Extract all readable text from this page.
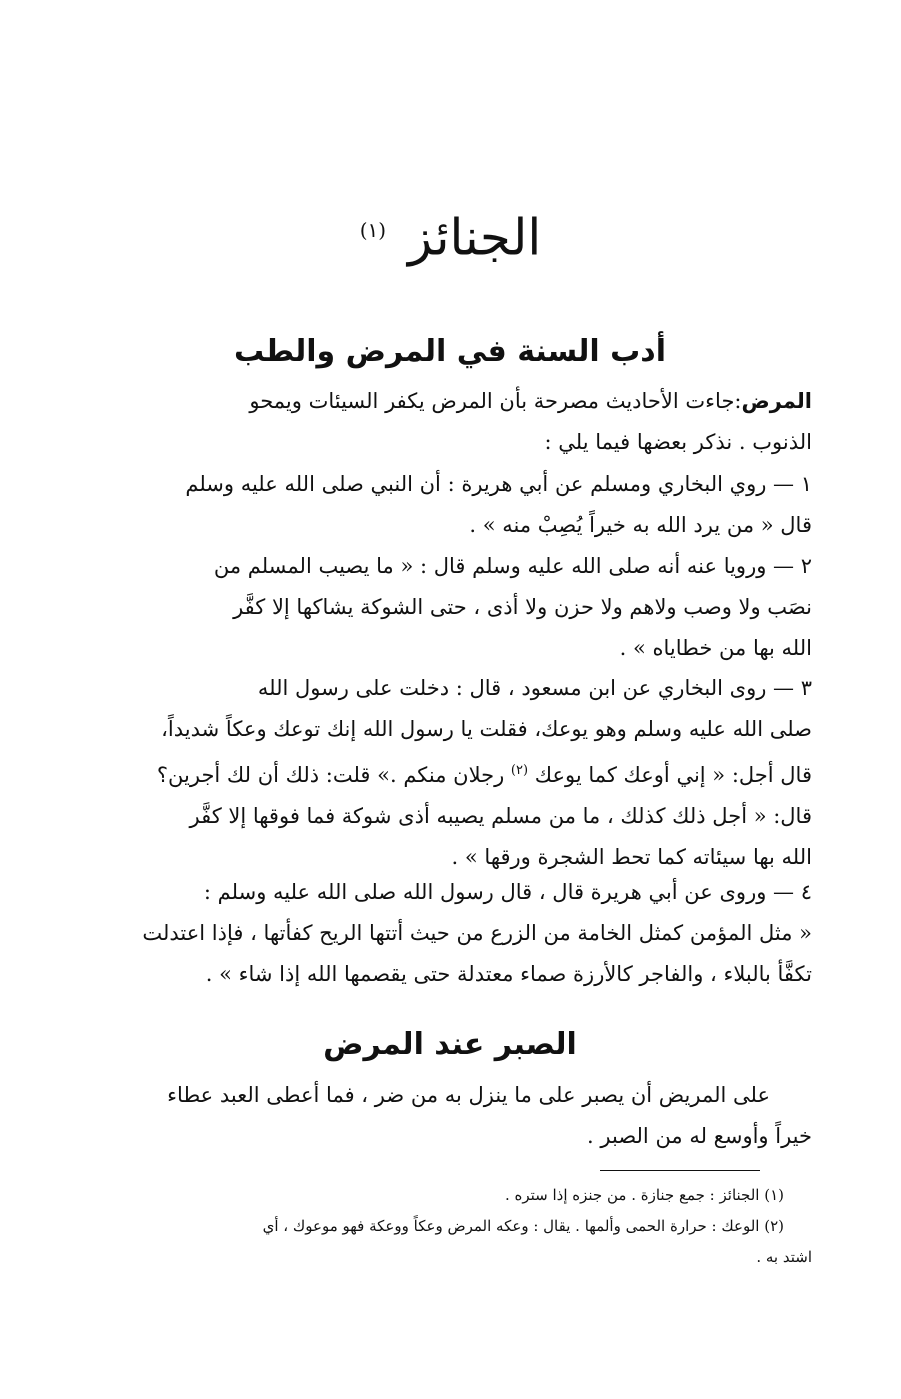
الجنائز $^{(١)}$
أدب السنة في المرض والطب
المرض:جاءت الأحاديث مصرحة بأن المرض يكفر السيئات ويمحو
الذنوب . نذكر بعضها فيما يلي :
١ — روي البخاري ومسلم عن أبي هريرة : أن النبي صلى الله عليه وسلم
قال « من يرد الله به خيراً يُصِبْ منه » .
٢ — ورويا عنه أنه صلى الله عليه وسلم قال : « ما يصيب المسلم من
نصَب ولا وصب ولاهم ولا حزن ولا أذى ، حتى الشوكة يشاكها إلا كفَّر
الله بها من خطاياه » .
٣ — روى البخاري عن ابن مسعود ، قال : دخلت على رسول الله
صلى الله عليه وسلم وهو يوعك، فقلت يا رسول الله إنك توعك وعكاً شديداً،
قال أجل: « إني أوعك كما يوعك $^{(٢)}$ رجلان منكم .» قلت: ذلك أن لك أجرين؟
قال: « أجل ذلك كذلك ، ما من مسلم يصيبه أذى شوكة فما فوقها إلا كفَّر
الله بها سيئاته كما تحط الشجرة ورقها » .
٤ — وروى عن أبي هريرة قال ، قال رسول الله صلى الله عليه وسلم :
« مثل المؤمن كمثل الخامة من الزرع من حيث أتتها الريح كفأتها ، فإذا اعتدلت
تكفَّأ بالبلاء ، والفاجر كالأرزة صماء معتدلة حتى يقصمها الله إذا شاء » .
الصبر عند المرض
على المريض أن يصبر على ما ينزل به من ضر ، فما أعطى العبد عطاء
خيراً وأوسع له من الصبر .
(١) الجنائز : جمع جنازة . من جنزه إذا ستره .
(٢) الوعك : حرارة الحمى وألمها . يقال : وعكه المرض وعكاً ووعكة فهو موعوك ، أي
اشتد به .
